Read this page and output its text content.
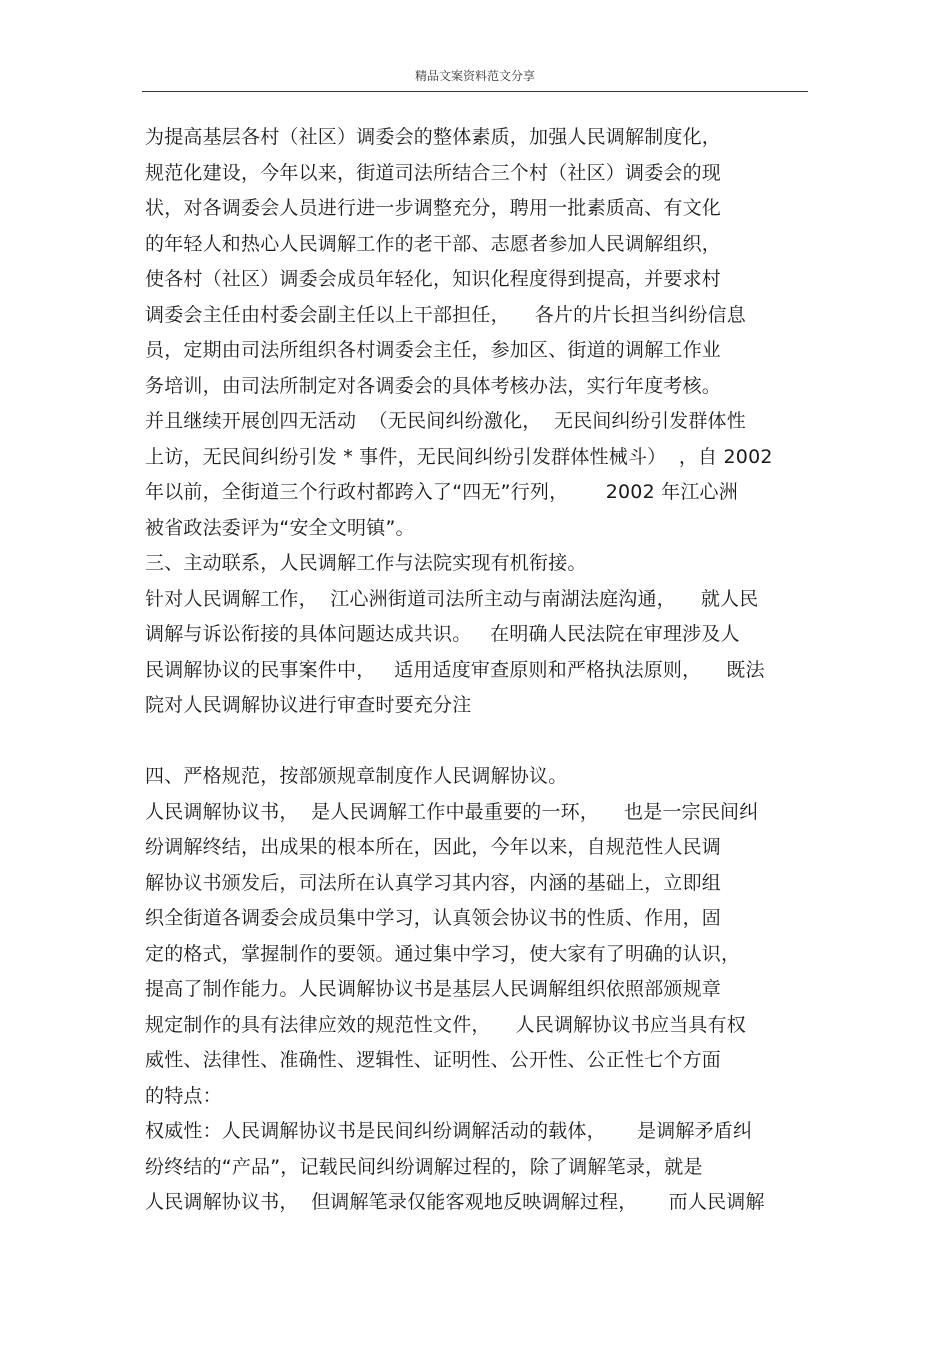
精品文案资料范文分享
为提高基层各村（社区）调委会的整体素质，加强人民调解制度化，
规范化建设，今年以来，街道司法所结合三个村（社区）调委会的现
状，对各调委会人员进行进一步调整充分，聘用一批素质高、有文化
的年轻人和热心人民调解工作的老干部、志愿者参加人民调解组织，
使各村（社区）调委会成员年轻化，知识化程度得到提高，并要求村
调委会主任由村委会副主任以上干部担任，    各片的片长担当纠纷信息
员，定期由司法所组织各村调委会主任，参加区、街道的调解工作业
务培训，由司法所制定对各调委会的具体考核办法，实行年度考核。
并且继续开展创四无活动  （无民间纠纷激化，  无民间纠纷引发群体性
上访，无民间纠纷引发 * 事件，无民间纠纷引发群体性械斗）  ，自 2002
年以前，全街道三个行政村都跨入了“四无”行列，      2002 年江心洲
被省政法委评为“安全文明镇”。
三、主动联系，人民调解工作与法院实现有机衔接。
针对人民调解工作，  江心洲街道司法所主动与南湖法庭沟通，    就人民
调解与诉讼衔接的具体问题达成共识。   在明确人民法院在审理涉及人
民调解协议的民事案件中，   适用适度审查原则和严格执法原则，    既法
院对人民调解协议进行审查时要充分注
四、严格规范，按部颁规章制度作人民调解协议。
人民调解协议书，  是人民调解工作中最重要的一环，    也是一宗民间纠
纷调解终结，出成果的根本所在，因此，今年以来，自规范性人民调
解协议书颁发后，司法所在认真学习其内容，内涵的基础上，立即组
织全街道各调委会成员集中学习，认真领会协议书的性质、作用，固
定的格式，掌握制作的要领。通过集中学习，使大家有了明确的认识，
提高了制作能力。人民调解协议书是基层人民调解组织依照部颁规章
规定制作的具有法律应效的规范性文件，    人民调解协议书应当具有权
威性、法律性、准确性、逻辑性、证明性、公开性、公正性七个方面
的特点：
权威性：人民调解协议书是民间纠纷调解活动的载体，     是调解矛盾纠
纷终结的“产品”，记载民间纠纷调解过程的，除了调解笔录，就是
人民调解协议书，  但调解笔录仅能客观地反映调解过程，     而人民调解
